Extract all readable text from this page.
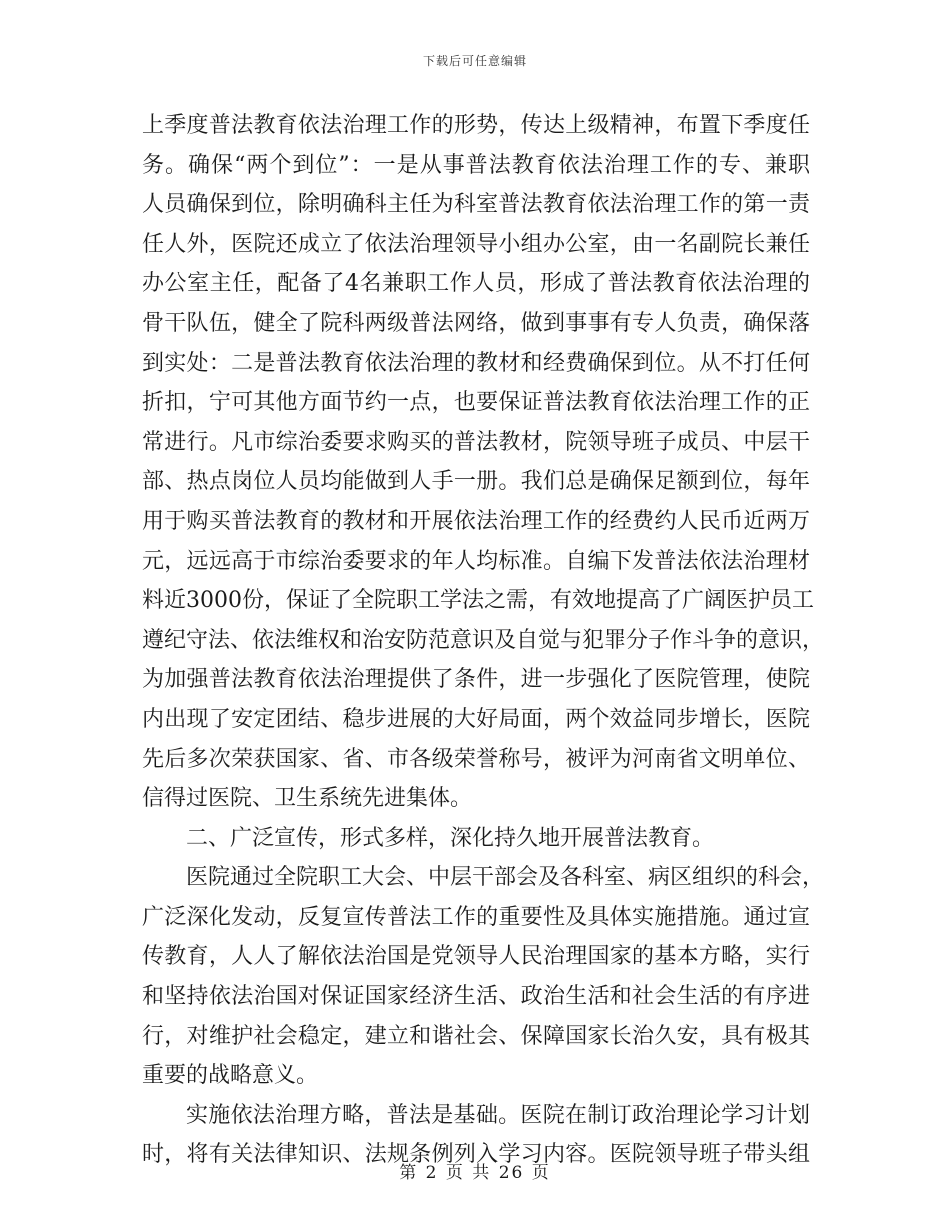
下载后可任意编辑
上季度普法教育依法治理工作的形势，传达上级精神，布置下季度任
务。确保“两个到位”：一是从事普法教育依法治理工作的专、兼职
人员确保到位，除明确科主任为科室普法教育依法治理工作的第一责
任人外，医院还成立了依法治理领导小组办公室，由一名副院长兼任
办公室主任，配备了4名兼职工作人员，形成了普法教育依法治理的
骨干队伍，健全了院科两级普法网络，做到事事有专人负责，确保落
到实处：二是普法教育依法治理的教材和经费确保到位。从不打任何
折扣，宁可其他方面节约一点，也要保证普法教育依法治理工作的正
常进行。凡市综治委要求购买的普法教材，院领导班子成员、中层干
部、热点岗位人员均能做到人手一册。我们总是确保足额到位，每年
用于购买普法教育的教材和开展依法治理工作的经费约人民币近两万
元，远远高于市综治委要求的年人均标准。自编下发普法依法治理材
料近3000份，保证了全院职工学法之需，有效地提高了广阔医护员工
遵纪守法、依法维权和治安防范意识及自觉与犯罪分子作斗争的意识，
为加强普法教育依法治理提供了条件，进一步强化了医院管理，使院
内出现了安定团结、稳步进展的大好局面，两个效益同步增长，医院
先后多次荣获国家、省、市各级荣誉称号，被评为河南省文明单位、
信得过医院、卫生系统先进集体。
二、广泛宣传，形式多样，深化持久地开展普法教育。
医院通过全院职工大会、中层干部会及各科室、病区组织的科会，
广泛深化发动，反复宣传普法工作的重要性及具体实施措施。通过宣
传教育，人人了解依法治国是党领导人民治理国家的基本方略，实行
和坚持依法治国对保证国家经济生活、政治生活和社会生活的有序进
行，对维护社会稳定，建立和谐社会、保障国家长治久安，具有极其
重要的战略意义。
实施依法治理方略，普法是基础。医院在制订政治理论学习计划
时，将有关法律知识、法规条例列入学习内容。医院领导班子带头组
第 2 页 共 26 页
